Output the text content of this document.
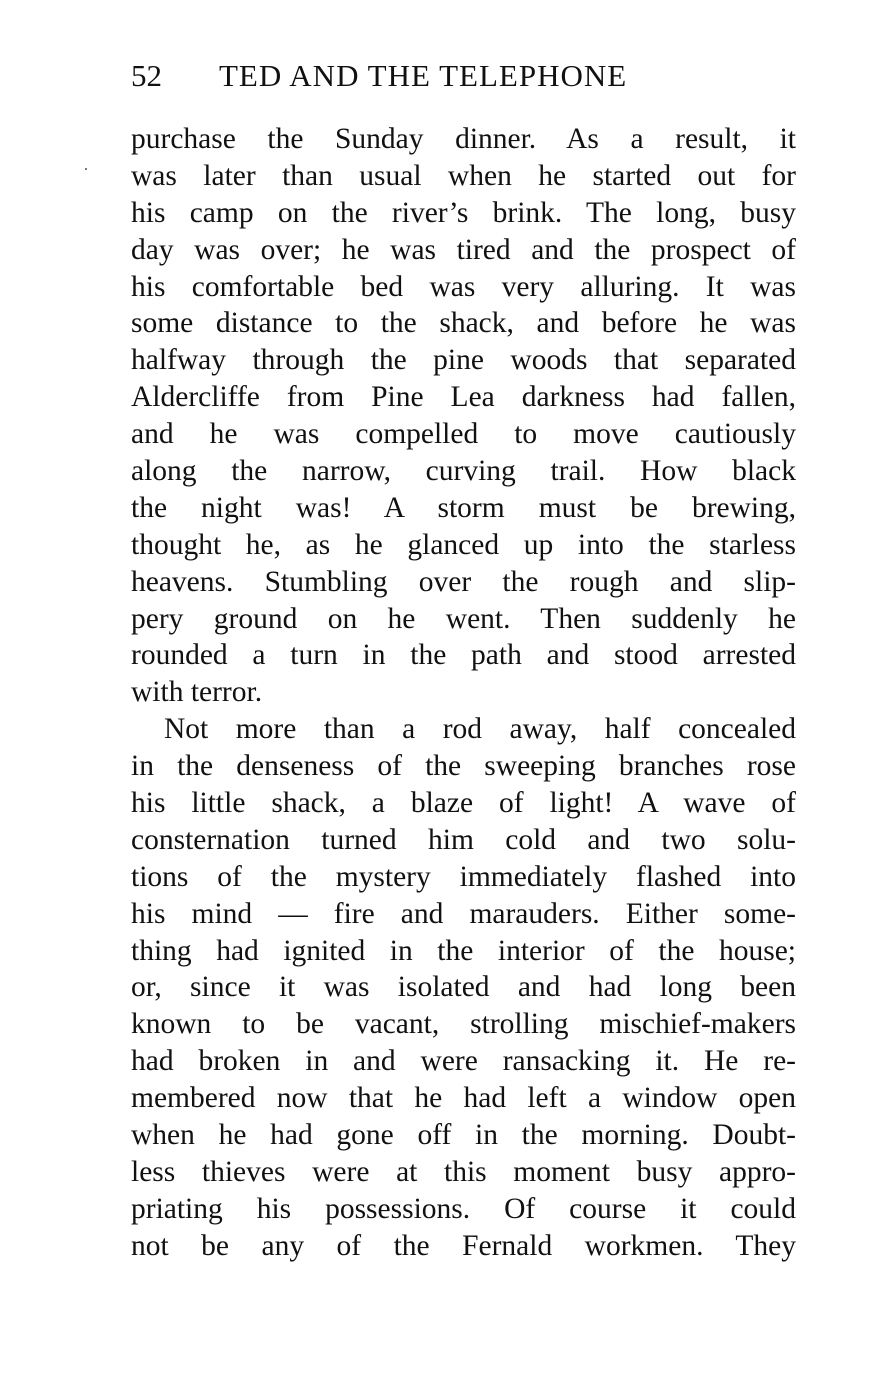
52 TED AND THE TELEPHONE
purchase the Sunday dinner. As a result, it
was later than usual when he started out for
his camp on the river’s brink. The long, busy
day was over; he was tired and the prospect of
his comfortable bed was very alluring. It was
some distance to the shack, and before he was
halfway through the pine woods that separated
Aldercliffe from Pine Lea darkness had fallen,
and he was compelled to move cautiously
along the narrow, curving trail. How black
the night was! A storm must be brewing,
thought he, as he glanced up into the starless
heavens. Stumbling over the rough and slip-
pery ground on he went. Then suddenly he
rounded a turn in the path and stood arrested
with terror.
Not more than a rod away, half concealed
in the denseness of the sweeping branches rose
his little shack, a blaze of light! A wave of
consternation turned him cold and two solu-
tions of the mystery immediately flashed into
his mind — fire and marauders. Either some-
thing had ignited in the interior of the house;
or, since it was isolated and had long been
known to be vacant, strolling mischief-makers
had broken in and were ransacking it. He re-
membered now that he had left a window open
when he had gone off in the morning. Doubt-
less thieves were at this moment busy appro-
priating his possessions. Of course it could
not be any of the Fernald workmen. They
